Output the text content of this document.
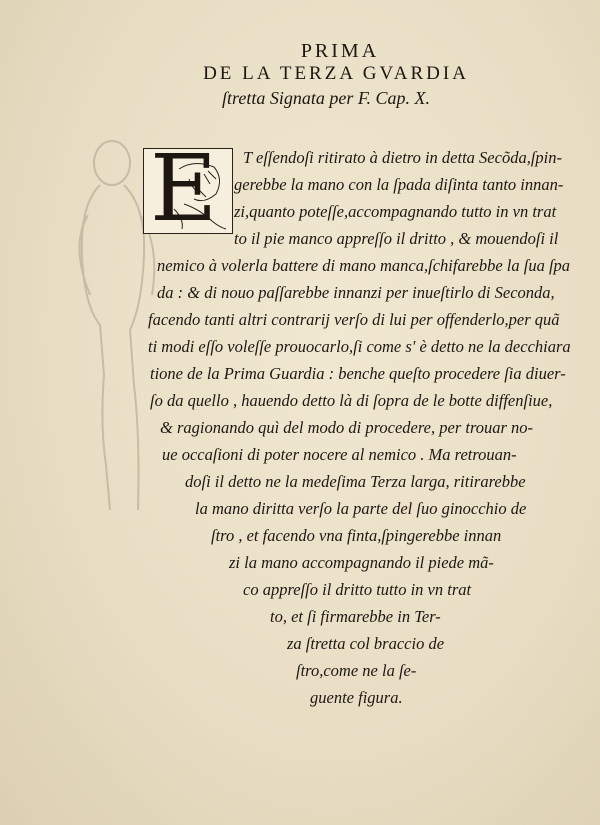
PRIMA
DE LA TERZA GVARDIA
ſtretta Signata per F. Cap. X.
E T eſſendoſi ritirato à dietro in detta Secõda,ſpin-
gerebbe la mano con la ſpada diſinta tanto innan-
zi,quanto poteſſe,accompagnando tutto in vn trat
to il pie manco appreſſo il dritto , & mouendoſi il
nemico à volerla battere di mano manca,ſchifarebbe la ſua ſpa
da : & di nouo paſſarebbe innanzi per inueſtirlo di Seconda,
facendo tanti altri contrarij verſo di lui per offenderlo,per quã
ti modi eſſo voleſſe prouocarlo,ſi come s' è detto ne la decchiara
tione de la Prima Guardia : benche queſto procedere ſia diuer-
ſo da quello , hauendo detto là di ſopra de le botte diffenſiue,
& ragionando quì del modo di procedere, per trouar no-
ue occaſioni di poter nocere al nemico . Ma retrouan-
doſi il detto ne la medeſima Terza larga, ritirarebbe
la mano diritta verſo la parte del ſuo ginocchio de
ſtro , et facendo vna finta,ſpingerebbe innan
zi la mano accompagnando il piede mã-
co appreſſo il dritto tutto in vn trat
to, et ſi firmarebbe in Ter-
za ſtretta col braccio de
ſtro,come ne la ſe-
guente figura.
